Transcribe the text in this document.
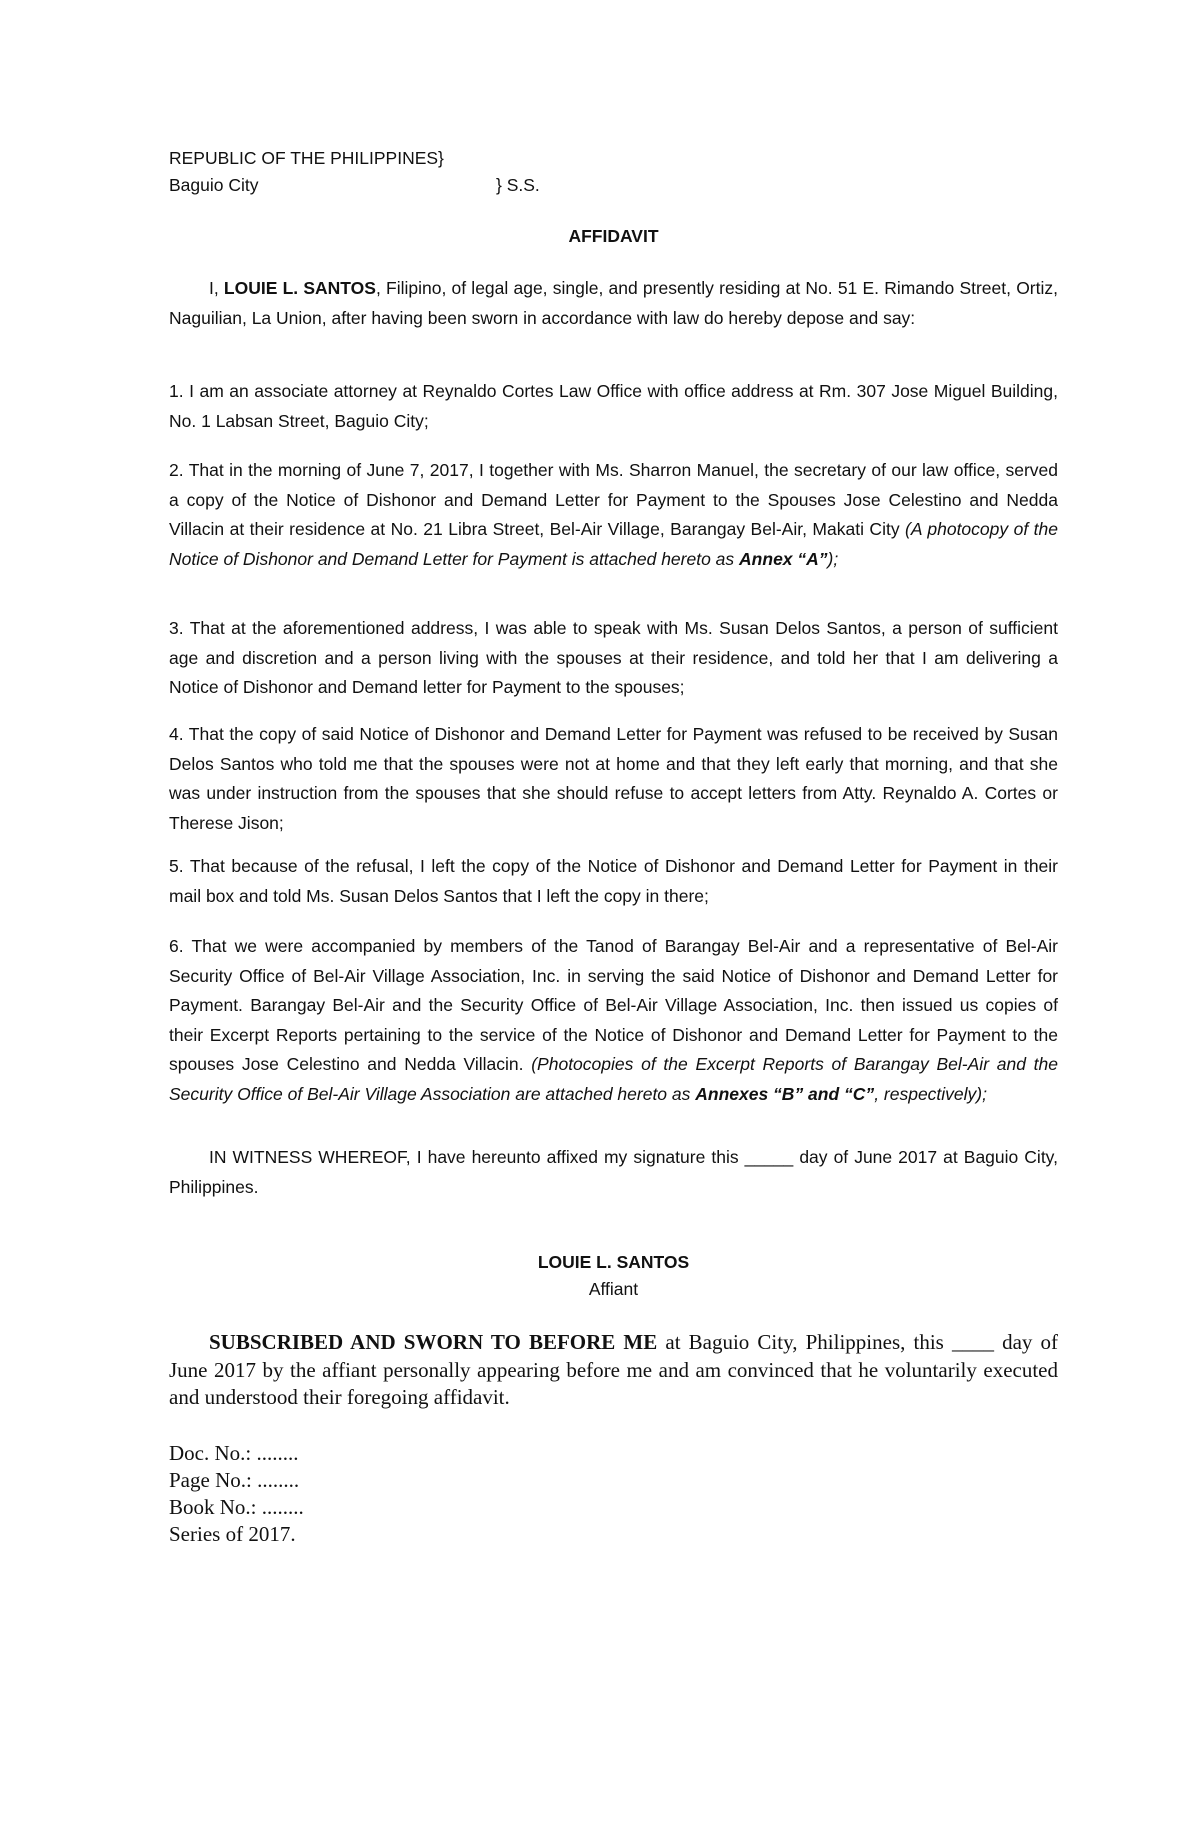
REPUBLIC OF THE PHILIPPINES}
Baguio City	} S.S.
AFFIDAVIT
I, LOUIE L. SANTOS, Filipino, of legal age, single, and presently residing at No. 51 E. Rimando Street, Ortiz, Naguilian, La Union, after having been sworn in accordance with law do hereby depose and say:
1. I am an associate attorney at Reynaldo Cortes Law Office with office address at Rm. 307 Jose Miguel Building, No. 1 Labsan Street, Baguio City;
2. That in the morning of June 7, 2017, I together with Ms. Sharron Manuel, the secretary of our law office, served a copy of the Notice of Dishonor and Demand Letter for Payment to the Spouses Jose Celestino and Nedda Villacin at their residence at No. 21 Libra Street, Bel-Air Village, Barangay Bel-Air, Makati City (A photocopy of the Notice of Dishonor and Demand Letter for Payment is attached hereto as Annex “A”);
3. That at the aforementioned address, I was able to speak with Ms. Susan Delos Santos, a person of sufficient age and discretion and a person living with the spouses at their residence, and told her that I am delivering a Notice of Dishonor and Demand letter for Payment to the spouses;
4. That the copy of said Notice of Dishonor and Demand Letter for Payment was refused to be received by Susan Delos Santos who told me that the spouses were not at home and that they left early that morning, and that she was under instruction from the spouses that she should refuse to accept letters from Atty. Reynaldo A. Cortes or Therese Jison;
5. That because of the refusal, I left the copy of the Notice of Dishonor and Demand Letter for Payment in their mail box and told Ms. Susan Delos Santos that I left the copy in there;
6. That we were accompanied by members of the Tanod of Barangay Bel-Air and a representative of Bel-Air Security Office of Bel-Air Village Association, Inc. in serving the said Notice of Dishonor and Demand Letter for Payment. Barangay Bel-Air and the Security Office of Bel-Air Village Association, Inc. then issued us copies of their Excerpt Reports pertaining to the service of the Notice of Dishonor and Demand Letter for Payment to the spouses Jose Celestino and Nedda Villacin. (Photocopies of the Excerpt Reports of Barangay Bel-Air and the Security Office of Bel-Air Village Association are attached hereto as Annexes “B” and “C”, respectively);
IN WITNESS WHEREOF, I have hereunto affixed my signature this _____ day of June 2017 at Baguio City, Philippines.
LOUIE L. SANTOS
Affiant
SUBSCRIBED AND SWORN TO BEFORE ME at Baguio City, Philippines, this ____ day of June 2017 by the affiant personally appearing before me and am convinced that he voluntarily executed and understood their foregoing affidavit.
Doc. No.: ........
Page No.: ........
Book No.: ........
Series of 2017.
